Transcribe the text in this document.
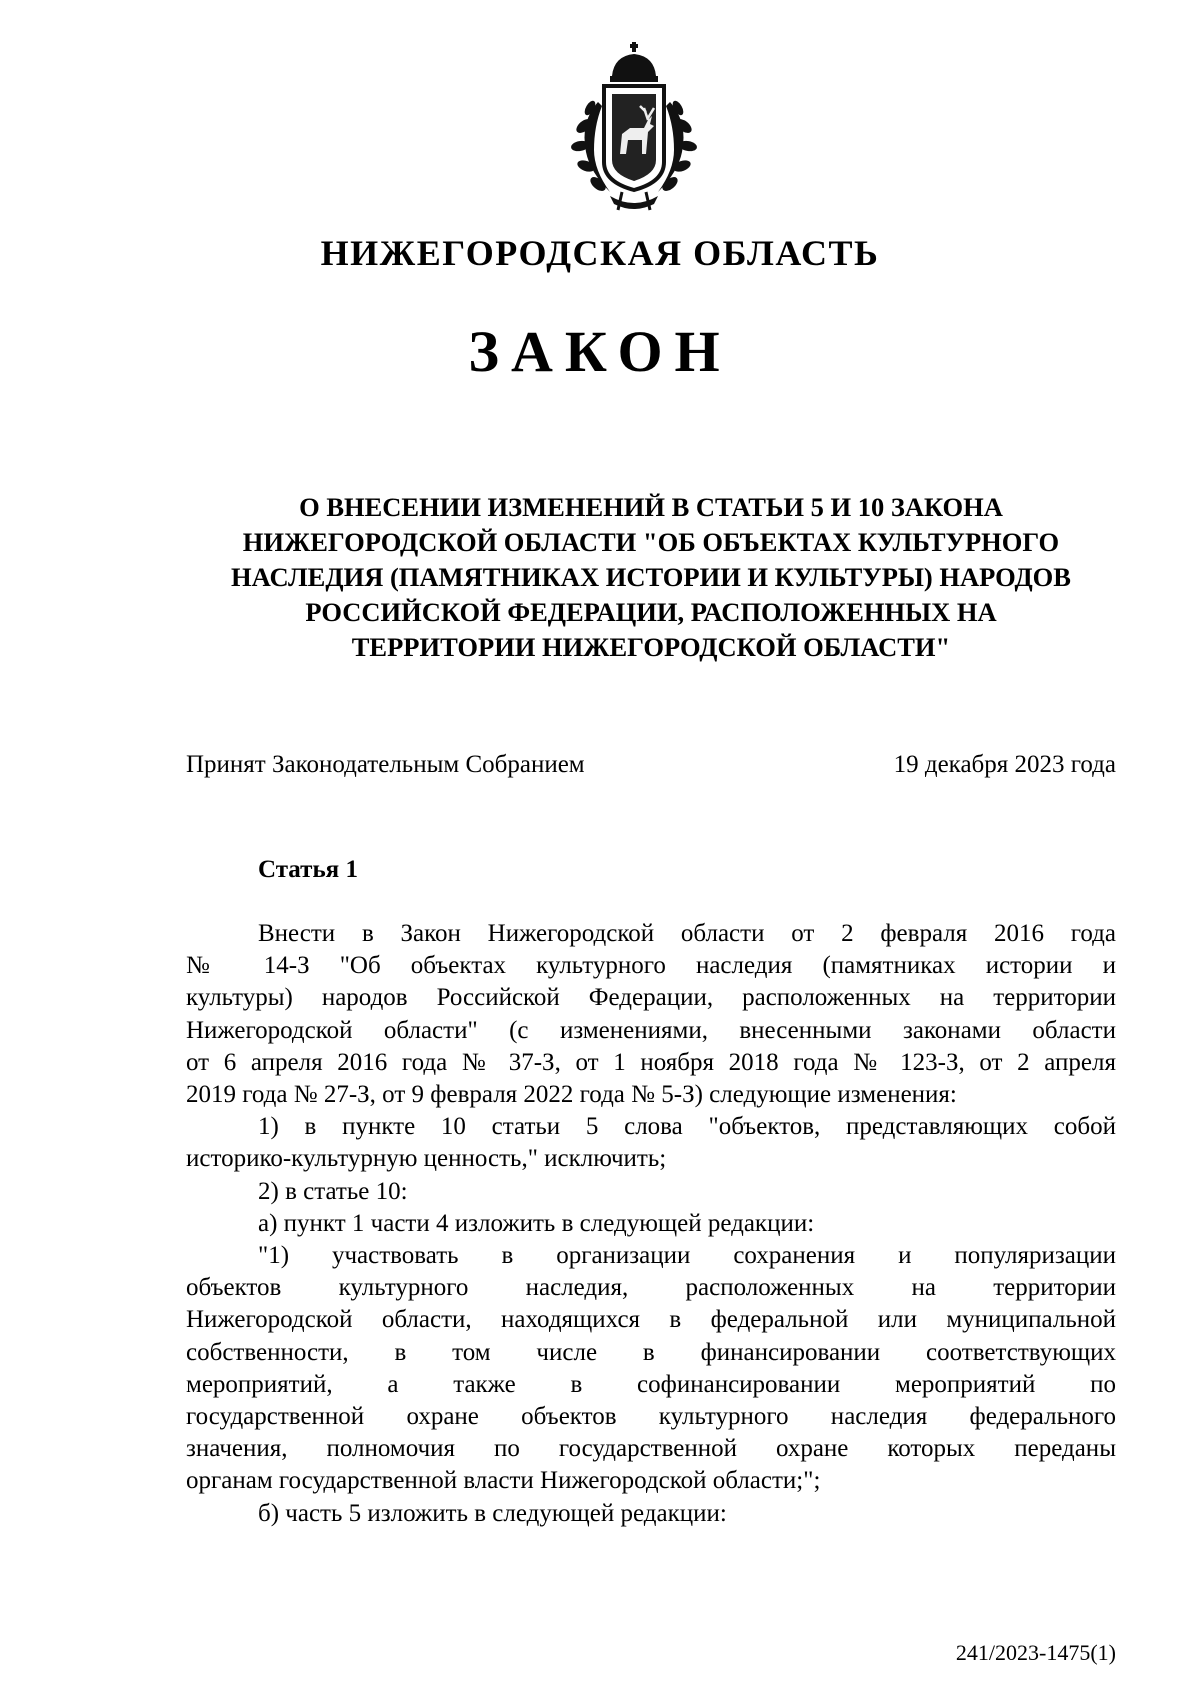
НИЖЕГОРОДСКАЯ ОБЛАСТЬ
ЗАКОН
О ВНЕСЕНИИ ИЗМЕНЕНИЙ В СТАТЬИ 5 И 10 ЗАКОНА
НИЖЕГОРОДСКОЙ ОБЛАСТИ "ОБ ОБЪЕКТАХ КУЛЬТУРНОГО
НАСЛЕДИЯ (ПАМЯТНИКАХ ИСТОРИИ И КУЛЬТУРЫ) НАРОДОВ
РОССИЙСКОЙ ФЕДЕРАЦИИ, РАСПОЛОЖЕННЫХ НА
ТЕРРИТОРИИ НИЖЕГОРОДСКОЙ ОБЛАСТИ"
Принят Законодательным Собранием	19 декабря 2023 года
Статья 1
Внести в Закон Нижегородской области от 2 февраля 2016 года
№ 14-З "Об объектах культурного наследия (памятниках истории и
культуры) народов Российской Федерации, расположенных на территории
Нижегородской области" (с изменениями, внесенными законами области
от 6 апреля 2016 года № 37-З, от 1 ноября 2018 года № 123-З, от 2 апреля
2019 года № 27-З, от 9 февраля 2022 года № 5-З) следующие изменения:
1) в пункте 10 статьи 5 слова "объектов, представляющих собой
историко-культурную ценность," исключить;
2) в статье 10:
а) пункт 1 части 4 изложить в следующей редакции:
"1) участвовать в организации сохранения и популяризации
объектов культурного наследия, расположенных на территории
Нижегородской области, находящихся в федеральной или муниципальной
собственности, в том числе в финансировании соответствующих
мероприятий, а также в софинансировании мероприятий по
государственной охране объектов культурного наследия федерального
значения, полномочия по государственной охране которых переданы
органам государственной власти Нижегородской области;";
б) часть 5 изложить в следующей редакции:
241/2023-1475(1)
